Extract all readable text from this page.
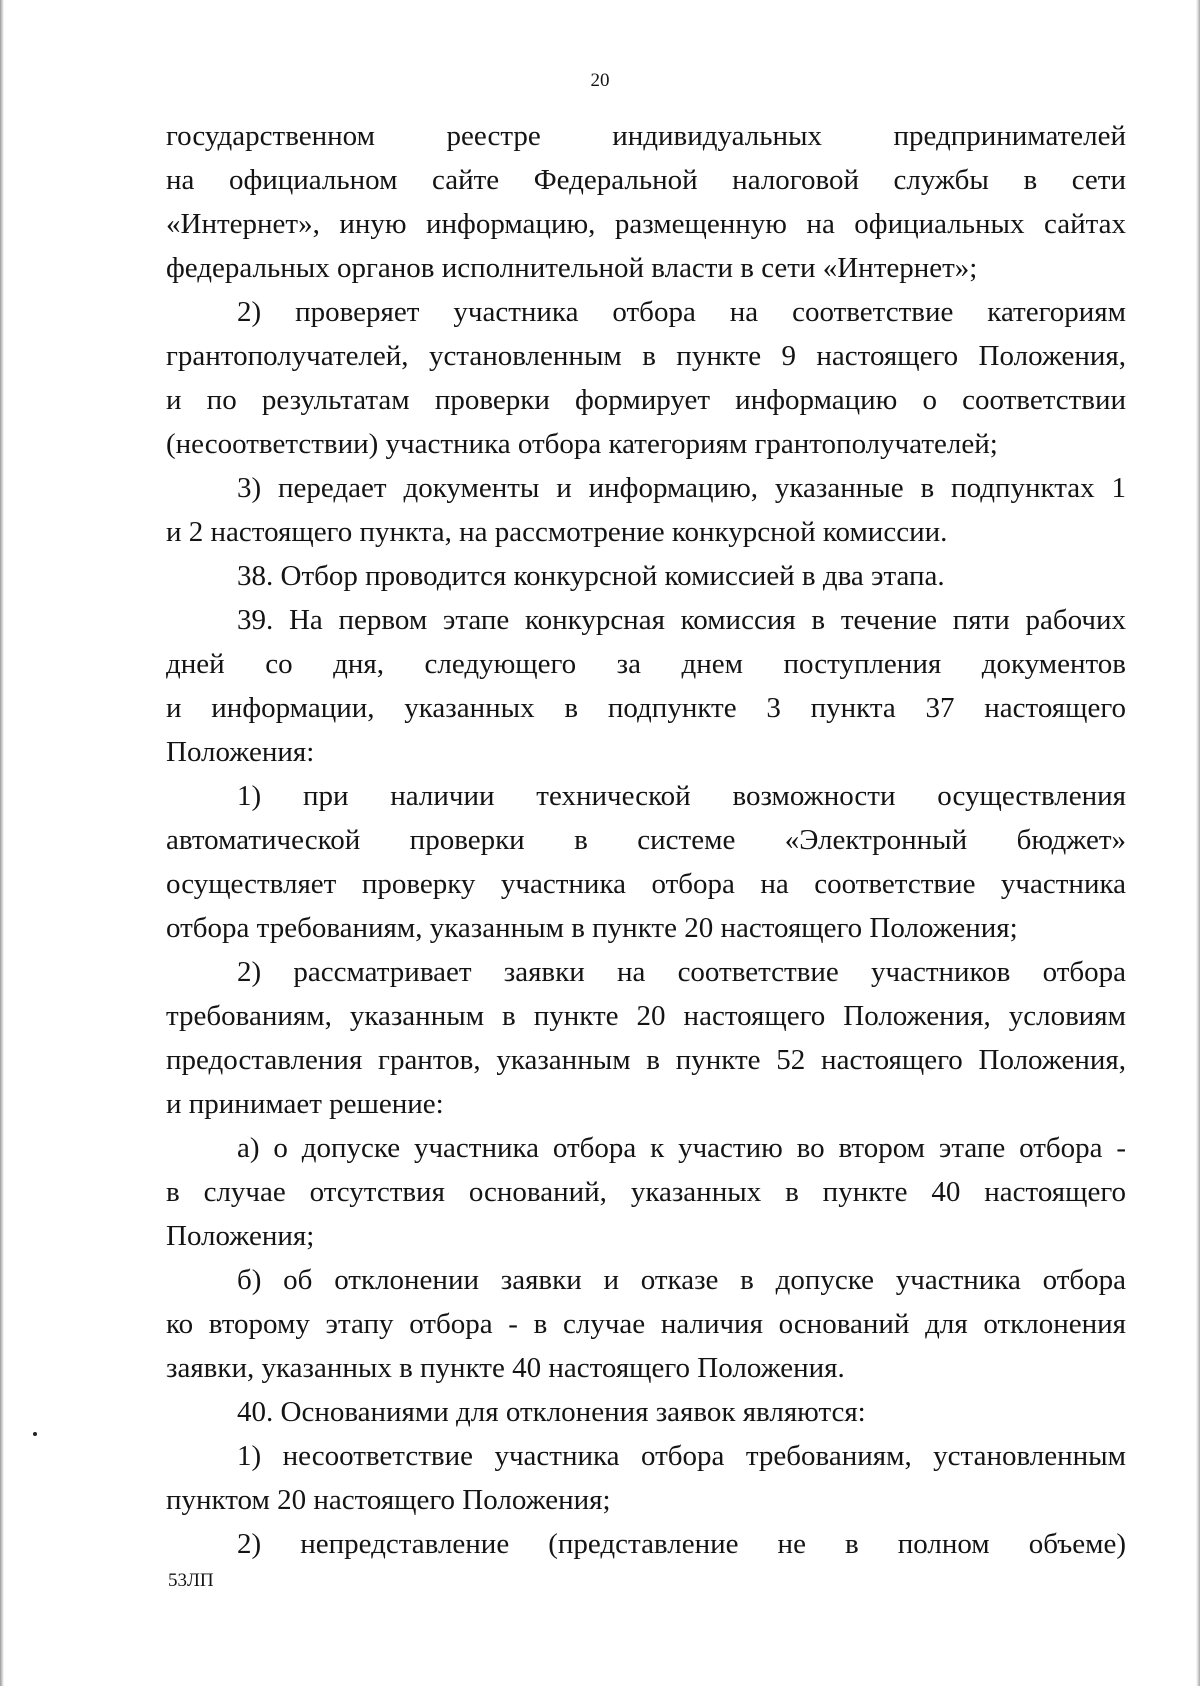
20

государственном реестре индивидуальных предпринимателей
на официальном сайте Федеральной налоговой службы в сети
«Интернет», иную информацию, размещенную на официальных сайтах
федеральных органов исполнительной власти в сети «Интернет»;

2) проверяет участника отбора на соответствие категориям
грантополучателей, установленным в пункте 9 настоящего Положения,
и по результатам проверки формирует информацию о соответствии
(несоответствии) участника отбора категориям грантополучателей;

3) передает документы и информацию, указанные в подпунктах 1
и 2 настоящего пункта, на рассмотрение конкурсной комиссии.

38. Отбор проводится конкурсной комиссией в два этапа.

39. На первом этапе конкурсная комиссия в течение пяти рабочих
дней со дня, следующего за днем поступления документов
и информации, указанных в подпункте 3 пункта 37 настоящего
Положения:

1) при наличии технической возможности осуществления
автоматической проверки в системе «Электронный бюджет»
осуществляет проверку участника отбора на соответствие участника
отбора требованиям, указанным в пункте 20 настоящего Положения;

2) рассматривает заявки на соответствие участников отбора
требованиям, указанным в пункте 20 настоящего Положения, условиям
предоставления грантов, указанным в пункте 52 настоящего Положения,
и принимает решение:

а) о допуске участника отбора к участию во втором этапе отбора -
в случае отсутствия оснований, указанных в пункте 40 настоящего
Положения;

б) об отклонении заявки и отказе в допуске участника отбора
ко второму этапу отбора - в случае наличия оснований для отклонения
заявки, указанных в пункте 40 настоящего Положения.

40. Основаниями для отклонения заявок являются:

1) несоответствие участника отбора требованиям, установленным
пунктом 20 настоящего Положения;

2) непредставление (представление не в полном объеме)

53ЛП
